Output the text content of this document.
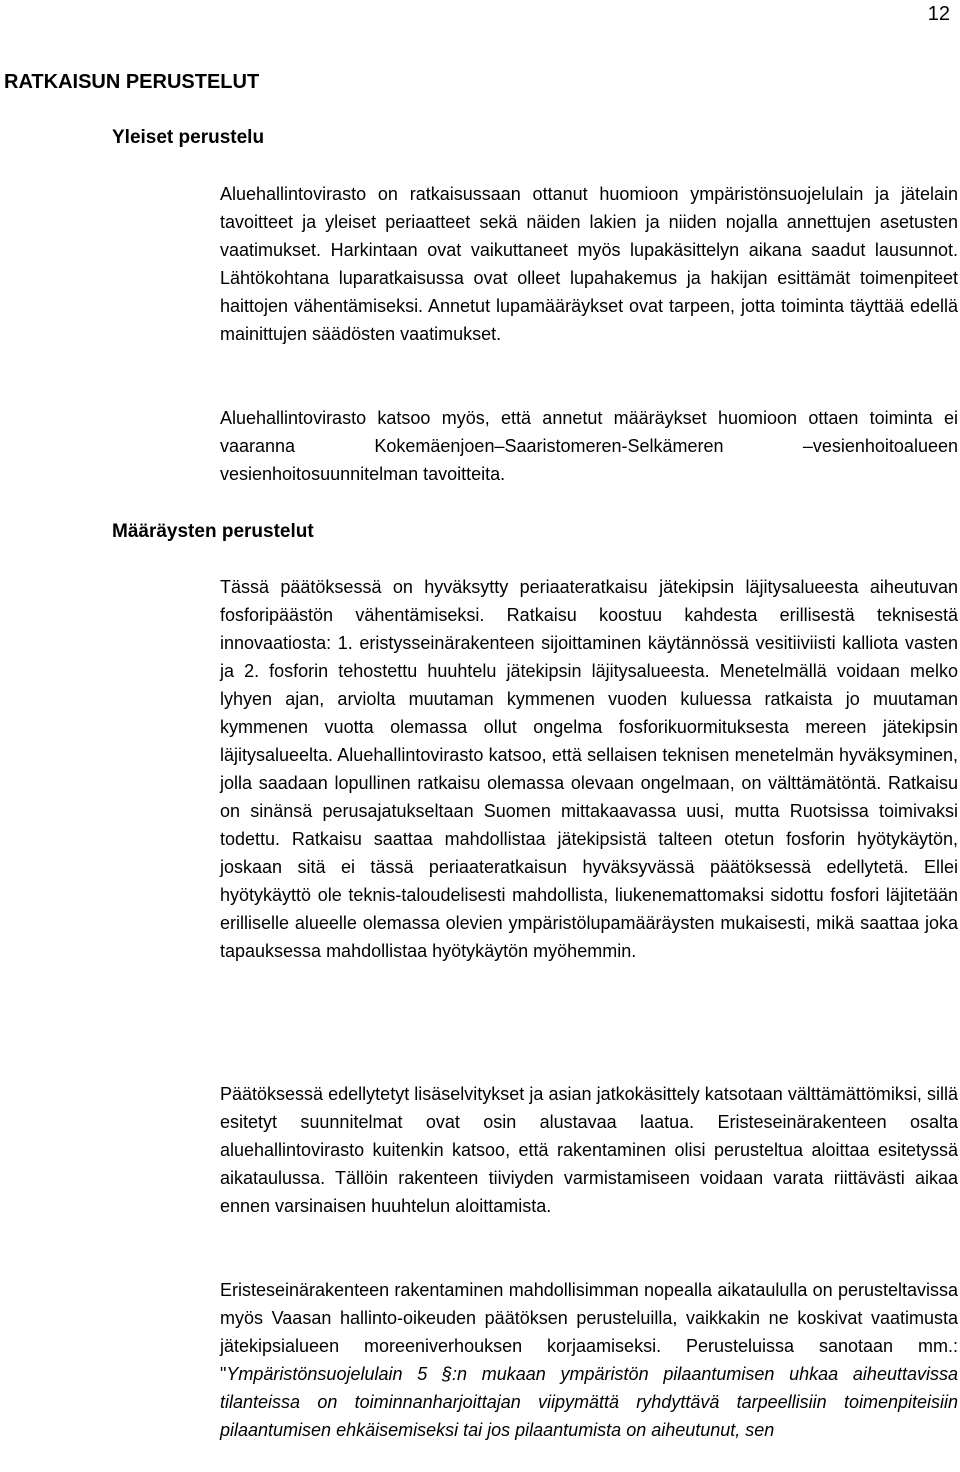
12
RATKAISUN PERUSTELUT
Yleiset perustelu

Aluehallintovirasto on ratkaisussaan ottanut huomioon ympäristönsuojelulain ja jätelain tavoitteet ja yleiset periaatteet sekä näiden lakien ja niiden nojalla annettujen asetusten vaatimukset. Harkintaan ovat vaikuttaneet myös lupakäsittelyn aikana saadut lausunnot. Lähtökohtana luparatkaisussa ovat olleet lupahakemus ja hakijan esittämät toimenpiteet haittojen vähentämiseksi. Annetut lupamääräykset ovat tarpeen, jotta toiminta täyttää edellä mainittujen säädösten vaatimukset.

Aluehallintovirasto katsoo myös, että annetut määräykset huomioon ottaen toiminta ei vaaranna Kokemäenjoen–Saaristomeren-Selkämeren –vesienhoitoalueen vesienhoitosuunnitelman tavoitteita.

Määräysten perustelut

Tässä päätöksessä on hyväksytty periaateratkaisu jätekipsin läjitysalueesta aiheutuvan fosforipäästön vähentämiseksi. Ratkaisu koostuu kahdesta erillisestä teknisestä innovaatiosta: 1. eristysseinärakenteen sijoittaminen käytännössä vesitiiviisti kalliota vasten ja 2. fosforin tehostettu huuhtelu jätekipsin läjitysalueesta. Menetelmällä voidaan melko lyhyen ajan, arviolta muutaman kymmenen vuoden kuluessa ratkaista jo muutaman kymmenen vuotta olemassa ollut ongelma fosforikuormituksesta mereen jätekipsin läjitysalueelta. Aluehallintovirasto katsoo, että sellaisen teknisen menetelmän hyväksyminen, jolla saadaan lopullinen ratkaisu olemassa olevaan ongelmaan, on välttämätöntä. Ratkaisu on sinänsä perusajatukseltaan Suomen mittakaavassa uusi, mutta Ruotsissa toimivaksi todettu. Ratkaisu saattaa mahdollistaa jätekipsistä talteen otetun fosforin hyötykäytön, joskaan sitä ei tässä periaateratkaisun hyväksyvässä päätöksessä edellytetä. Ellei hyötykäyttö ole teknis-taloudelisesti mahdollista, liukenemattomaksi sidottu fosfori läjitetään erilliselle alueelle olemassa olevien ympäristölupamääräysten mukaisesti, mikä saattaa joka tapauksessa mahdollistaa hyötykäytön myöhemmin.

Päätöksessä edellytetyt lisäselvitykset ja asian jatkokäsittely katsotaan välttämättömiksi, sillä esitetyt suunnitelmat ovat osin alustavaa laatua. Eristeseinärakenteen osalta aluehallintovirasto kuitenkin katsoo, että rakentaminen olisi perusteltua aloittaa esitetyssä aikataulussa. Tällöin rakenteen tiiviyden varmistamiseen voidaan varata riittävästi aikaa ennen varsinaisen huuhtelun aloittamista.

Eristeseinärakenteen rakentaminen mahdollisimman nopealla aikataululla on perusteltavissa myös Vaasan hallinto-oikeuden päätöksen perusteluilla, vaikkakin ne koskivat vaatimusta jätekipsialueen moreeniverhouksen korjaamiseksi. Perusteluissa sanotaan mm.: "Ympäristönsuojelulain 5 §:n mukaan ympäristön pilaantumisen uhkaa aiheuttavissa tilanteissa on toiminnanharjoittajan viipymättä ryhdyttävä tarpeellisiin toimenpiteisiin pilaantumisen ehkäisemiseksi tai jos pilaantumista on aiheutunut, sen
